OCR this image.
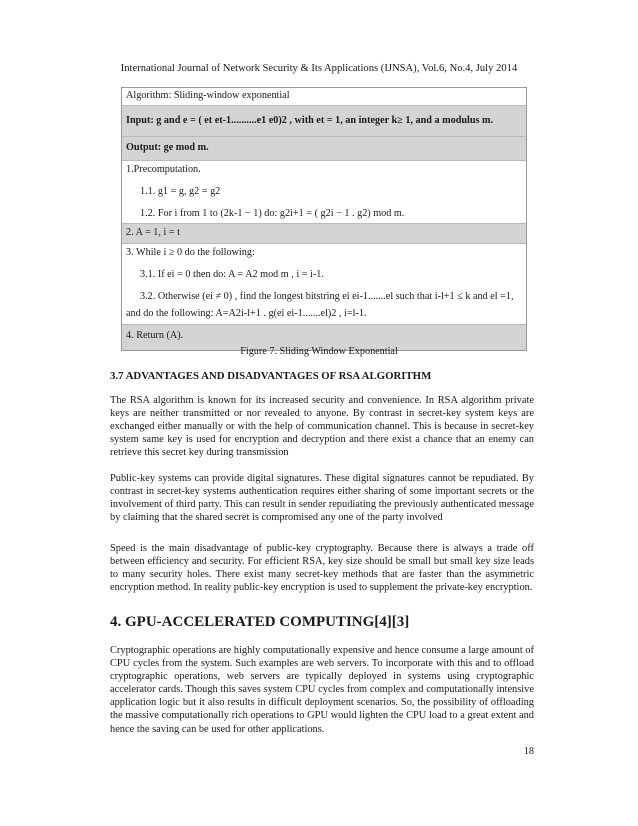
International Journal of Network Security & Its Applications (IJNSA), Vol.6, No.4, July 2014
Algorithm: Sliding-window exponential
Input: g and e = ( et et-1..........e1 e0)2 , with et = 1, an integer k≥ 1, and a modulus m.
Output: ge mod m.
1.Precomputation.
1.1. g1 = g, g2 = g2
1.2. For i from 1 to (2k-1 − 1) do: g2i+1 = ( g2i − 1 . g2) mod m.
2. A = 1, i = t
3. While i ≥ 0 do the following:
3.1. If ei = 0 then do: A = A2 mod m , i = i-1.
3.2. Otherwise (ei ≠ 0) , find the longest bitstring ei ei-1.......el such that i-l+1 ≤ k and el =1,
and do the following: A=A2i-l+1 . g(ei ei-1.......el)2 , i=l-1.
4. Return (A).
Figure 7. Sliding Window Exponential
3.7 ADVANTAGES AND DISADVANTAGES OF RSA ALGORITHM

The RSA algorithm is known for its increased security and convenience. In RSA algorithm private keys are neither transmitted or nor revealed to anyone. By contrast in secret-key system keys are exchanged either manually or with the help of communication channel. This is because in secret-key system same key is used for encryption and decryption and there exist a chance that an enemy can retrieve this secret key during transmission

Public-key systems can provide digital signatures. These digital signatures cannot be repudiated. By contrast in secret-key systems authentication requires either sharing of some important secrets or the involvement of third party. This can result in sender repudiating the previously authenticated message by claiming that the shared secret is compromised any one of the party involved

Speed is the main disadvantage of public-key cryptography. Because there is always a trade off between efficiency and security. For efficient RSA, key size should be small but small key size leads to many security holes. There exist many secret-key methods that are faster than the asymmetric encryption method. In reality public-key encryption is used to supplement the private-key encryption.

4. GPU-ACCELERATED COMPUTING[4][3]

Cryptographic operations are highly computationally expensive and hence consume a large amount of CPU cycles from the system. Such examples are web servers. To incorporate with this and to offload cryptographic operations, web servers are typically deployed in systems using cryptographic accelerator cards. Though this saves system CPU cycles from complex and computationally intensive application logic but it also results in difficult deployment scenarios. So, the possibility of offloading the massive computationally rich operations to GPU would lighten the CPU load to a great extent and hence the saving can be used for other applications.

18
